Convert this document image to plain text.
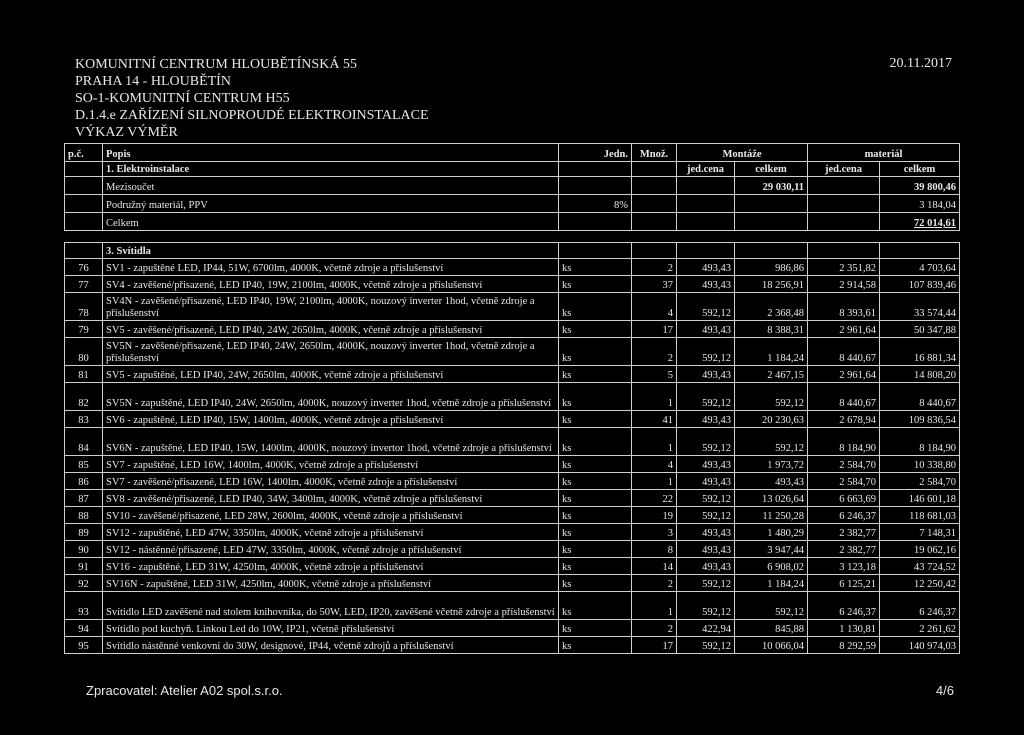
KOMUNITNÍ CENTRUM HLOUBĚTÍNSKÁ 55
PRAHA 14 - HLOUBĚTÍN
SO-1-KOMUNITNÍ CENTRUM H55
D.1.4.e ZAŘÍZENÍ SILNOPROUDÉ ELEKTROINSTALACE
VÝKAZ VÝMĚR
20.11.2017
p.č.	Popis	Jedn.	Množ.	Montáže		materiál	
	1. Elektroinstalace			jed.cena	celkem	jed.cena	celkem
	Mezisoučet				29 030,11		39 800,46
	Podružný materiál, PPV	8%					3 184,04
	Celkem						72 014,61
	3. Svítidla						
76	SV1 - zapuštěné LED, IP44, 51W, 6700lm, 4000K, včetně zdroje a příslušenství	ks	2	493,43	986,86	2 351,82	4 703,64
77	SV4 - zavěšené/přisazené, LED IP40, 19W, 2100lm, 4000K, včetně zdroje a příslušenství	ks	37	493,43	18 256,91	2 914,58	107 839,46
78	SV4N - zavěšené/přisazené, LED IP40, 19W, 2100lm, 4000K, nouzový inverter 1hod, včetně zdroje a příslušenství	ks	4	592,12	2 368,48	8 393,61	33 574,44
79	SV5 - zavěšené/přisazené, LED IP40, 24W, 2650lm, 4000K, včetně zdroje a příslušenství	ks	17	493,43	8 388,31	2 961,64	50 347,88
80	SV5N - zavěšené/přisazené, LED IP40, 24W, 2650lm, 4000K, nouzový inverter 1hod, včetně zdroje a příslušenství	ks	2	592,12	1 184,24	8 440,67	16 881,34
81	SV5 - zapuštěné, LED IP40, 24W, 2650lm, 4000K, včetně zdroje a příslušenství	ks	5	493,43	2 467,15	2 961,64	14 808,20
82	SV5N - zapuštěné, LED IP40, 24W, 2650lm, 4000K, nouzový inverter 1hod, včetně zdroje a příslušenství	ks	1	592,12	592,12	8 440,67	8 440,67
83	SV6 - zapuštěné, LED IP40, 15W, 1400lm, 4000K, včetně zdroje a příslušenství	ks	41	493,43	20 230,63	2 678,94	109 836,54
84	SV6N - zapuštěné, LED IP40, 15W, 1400lm, 4000K, nouzový invertor 1hod, včetně zdroje a příslušenství	ks	1	592,12	592,12	8 184,90	8 184,90
85	SV7 - zapuštěné, LED 16W, 1400lm, 4000K, včetně zdroje a příslušenství	ks	4	493,43	1 973,72	2 584,70	10 338,80
86	SV7 - zavěšené/přisazené, LED 16W, 1400lm, 4000K, včetně zdroje a příslušenství	ks	1	493,43	493,43	2 584,70	2 584,70
87	SV8 - zavěšené/přisazené, LED IP40, 34W, 3400lm, 4000K, včetně zdroje a příslušenství	ks	22	592,12	13 026,64	6 663,69	146 601,18
88	SV10 - zavěšené/přisazené, LED 28W, 2600lm, 4000K, včetně zdroje a příslušenství	ks	19	592,12	11 250,28	6 246,37	118 681,03
89	SV12 - zapuštěné, LED 47W, 3350lm, 4000K, včetně zdroje a příslušenství	ks	3	493,43	1 480,29	2 382,77	7 148,31
90	SV12 - nástěnné/přisazené, LED 47W, 3350lm, 4000K, včetně zdroje a příslušenství	ks	8	493,43	3 947,44	2 382,77	19 062,16
91	SV16 - zapuštěné, LED 31W, 4250lm, 4000K, včetně zdroje a příslušenství	ks	14	493,43	6 908,02	3 123,18	43 724,52
92	SV16N - zapuštěné, LED 31W, 4250lm, 4000K, včetně zdroje a příslušenství	ks	2	592,12	1 184,24	6 125,21	12 250,42
93	Svítidlo LED zavěšené nad stolem knihovníka, do 50W, LED, IP20, zavěšené včetně zdroje a příslušenství	ks	1	592,12	592,12	6 246,37	6 246,37
94	Svítidlo pod kuchyň. Linkou Led do 10W, IP21, včetně příslušenství	ks	2	422,94	845,88	1 130,81	2 261,62
95	Svítidlo nástěnné venkovní do 30W, designové, IP44, včetně zdrojů a příslušenství	ks	17	592,12	10 066,04	8 292,59	140 974,03
Zpracovatel: Atelier A02 spol.s.r.o.	4/6
